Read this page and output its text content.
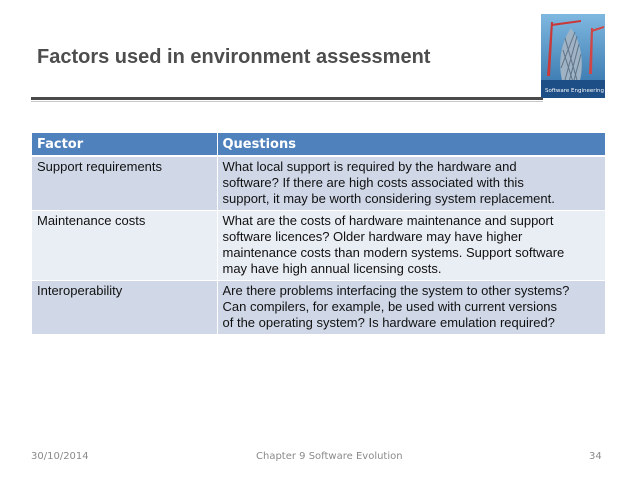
Factors used in environment assessment
Software Engineering
Factor	Questions
Support requirements	What local support is required by the hardware and
software? If there are high costs associated with this
support, it may be worth considering system replacement.

Maintenance costs	What are the costs of hardware maintenance and support
software licences? Older hardware may have higher
maintenance costs than modern systems. Support software
may have high annual licensing costs.

Interoperability	Are there problems interfacing the system to other systems?
Can compilers, for example, be used with current versions
of the operating system? Is hardware emulation required?
30/10/2014	Chapter 9 Software Evolution	34
